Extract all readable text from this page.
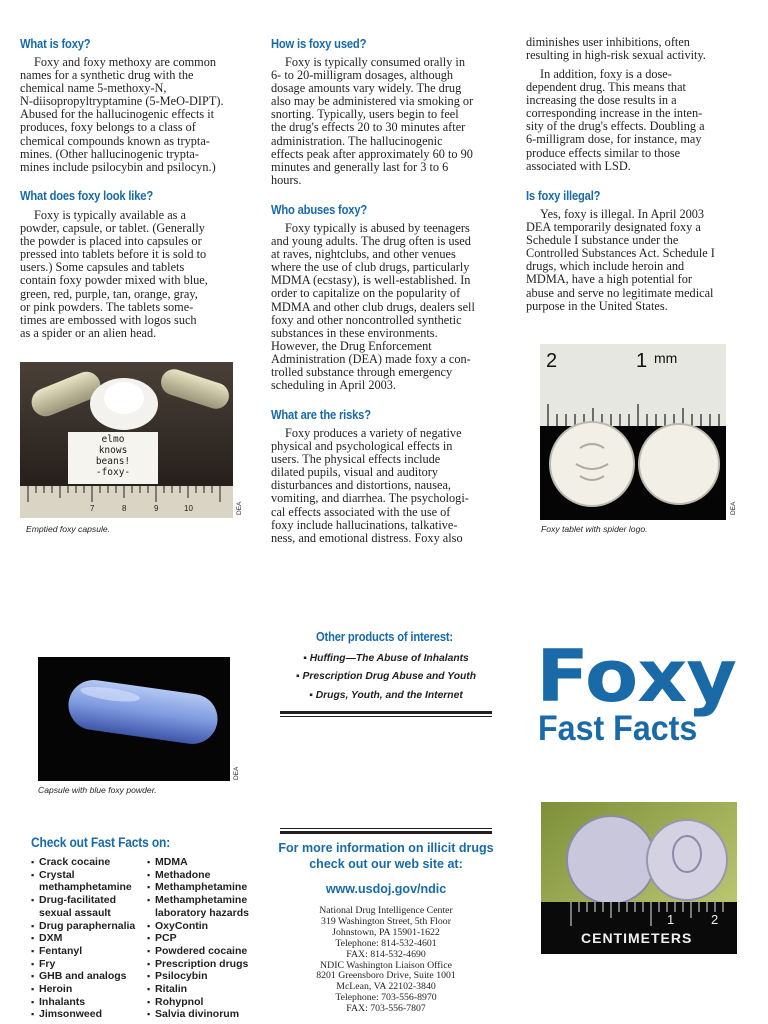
What is foxy?

Foxy and foxy methoxy are common
names for a synthetic drug with the
chemical name 5-methoxy-N,
N-diisopropyltryptamine (5-MeO-DIPT).
Abused for the hallucinogenic effects it
produces, foxy belongs to a class of
chemical compounds known as trypta-
mines. (Other hallucinogenic trypta-
mines include psilocybin and psilocyn.)

What does foxy look like?

Foxy is typically available as a
powder, capsule, or tablet. (Generally
the powder is placed into capsules or
pressed into tablets before it is sold to
users.) Some capsules and tablets
contain foxy powder mixed with blue,
green, red, purple, tan, orange, gray,
or pink powders. The tablets some-
times are embossed with logos such
as a spider or an alien head.

elmo
knows
beans!
-foxy-
7	8	9	10	DEA
Emptied foxy capsule.
How is foxy used?

Foxy is typically consumed orally in
6- to 20-milligram dosages, although
dosage amounts vary widely. The drug
also may be administered via smoking or
snorting. Typically, users begin to feel
the drug's effects 20 to 30 minutes after
administration. The hallucinogenic
effects peak after approximately 60 to 90
minutes and generally last for 3 to 6
hours.

Who abuses foxy?

Foxy typically is abused by teenagers
and young adults. The drug often is used
at raves, nightclubs, and other venues
where the use of club drugs, particularly
MDMA (ecstasy), is well-established. In
order to capitalize on the popularity of
MDMA and other club drugs, dealers sell
foxy and other noncontrolled synthetic
substances in these environments.
However, the Drug Enforcement
Administration (DEA) made foxy a con-
trolled substance through emergency
scheduling in April 2003.

What are the risks?

Foxy produces a variety of negative
physical and psychological effects in
users. The physical effects include
dilated pupils, visual and auditory
disturbances and distortions, nausea,
vomiting, and diarrhea. The psychologi-
cal effects associated with the use of
foxy include hallucinations, talkative-
ness, and emotional distress. Foxy also

diminishes user inhibitions, often
resulting in high-risk sexual activity.

In addition, foxy is a dose-
dependent drug. This means that
increasing the dose results in a
corresponding increase in the inten-
sity of the drug's effects. Doubling a
6-milligram dose, for instance, may
produce effects similar to those
associated with LSD.

Is foxy illegal?

Yes, foxy is illegal. In April 2003
DEA temporarily designated foxy a
Schedule I substance under the
Controlled Substances Act. Schedule I
drugs, which include heroin and
MDMA, have a high potential for
abuse and serve no legitimate medical
purpose in the United States.

2	1 mm
DEA
Foxy tablet with spider logo.
DEA
Capsule with blue foxy powder.
Check out Fast Facts on:
▪ Crack cocaine
▪ Crystal
methamphetamine
▪ Drug-facilitated
sexual assault
▪ Drug paraphernalia
▪ DXM
▪ Fentanyl
▪ Fry
▪ GHB and analogs
▪ Heroin
▪ Inhalants
▪ Jimsonweed
▪ MDMA
▪ Methadone
▪ Methamphetamine
▪ Methamphetamine
laboratory hazards
▪ OxyContin
▪ PCP
▪ Powdered cocaine
▪ Prescription drugs
▪ Psilocybin
▪ Ritalin
▪ Rohypnol
▪ Salvia divinorum
Other products of interest:
▪ Huffing—The Abuse of Inhalants
▪ Prescription Drug Abuse and Youth
▪ Drugs, Youth, and the Internet
For more information on illicit drugs
check out our web site at:
www.usdoj.gov/ndic
National Drug Intelligence Center
319 Washington Street, 5th Floor
Johnstown, PA 15901-1622
Telephone: 814-532-4601
FAX: 814-532-4690
NDIC Washington Liaison Office
8201 Greensboro Drive, Suite 1001
McLean, VA 22102-3840
Telephone: 703-556-8970
FAX: 703-556-7807
Foxy
Fast Facts
1	2
CENTIMETERS
